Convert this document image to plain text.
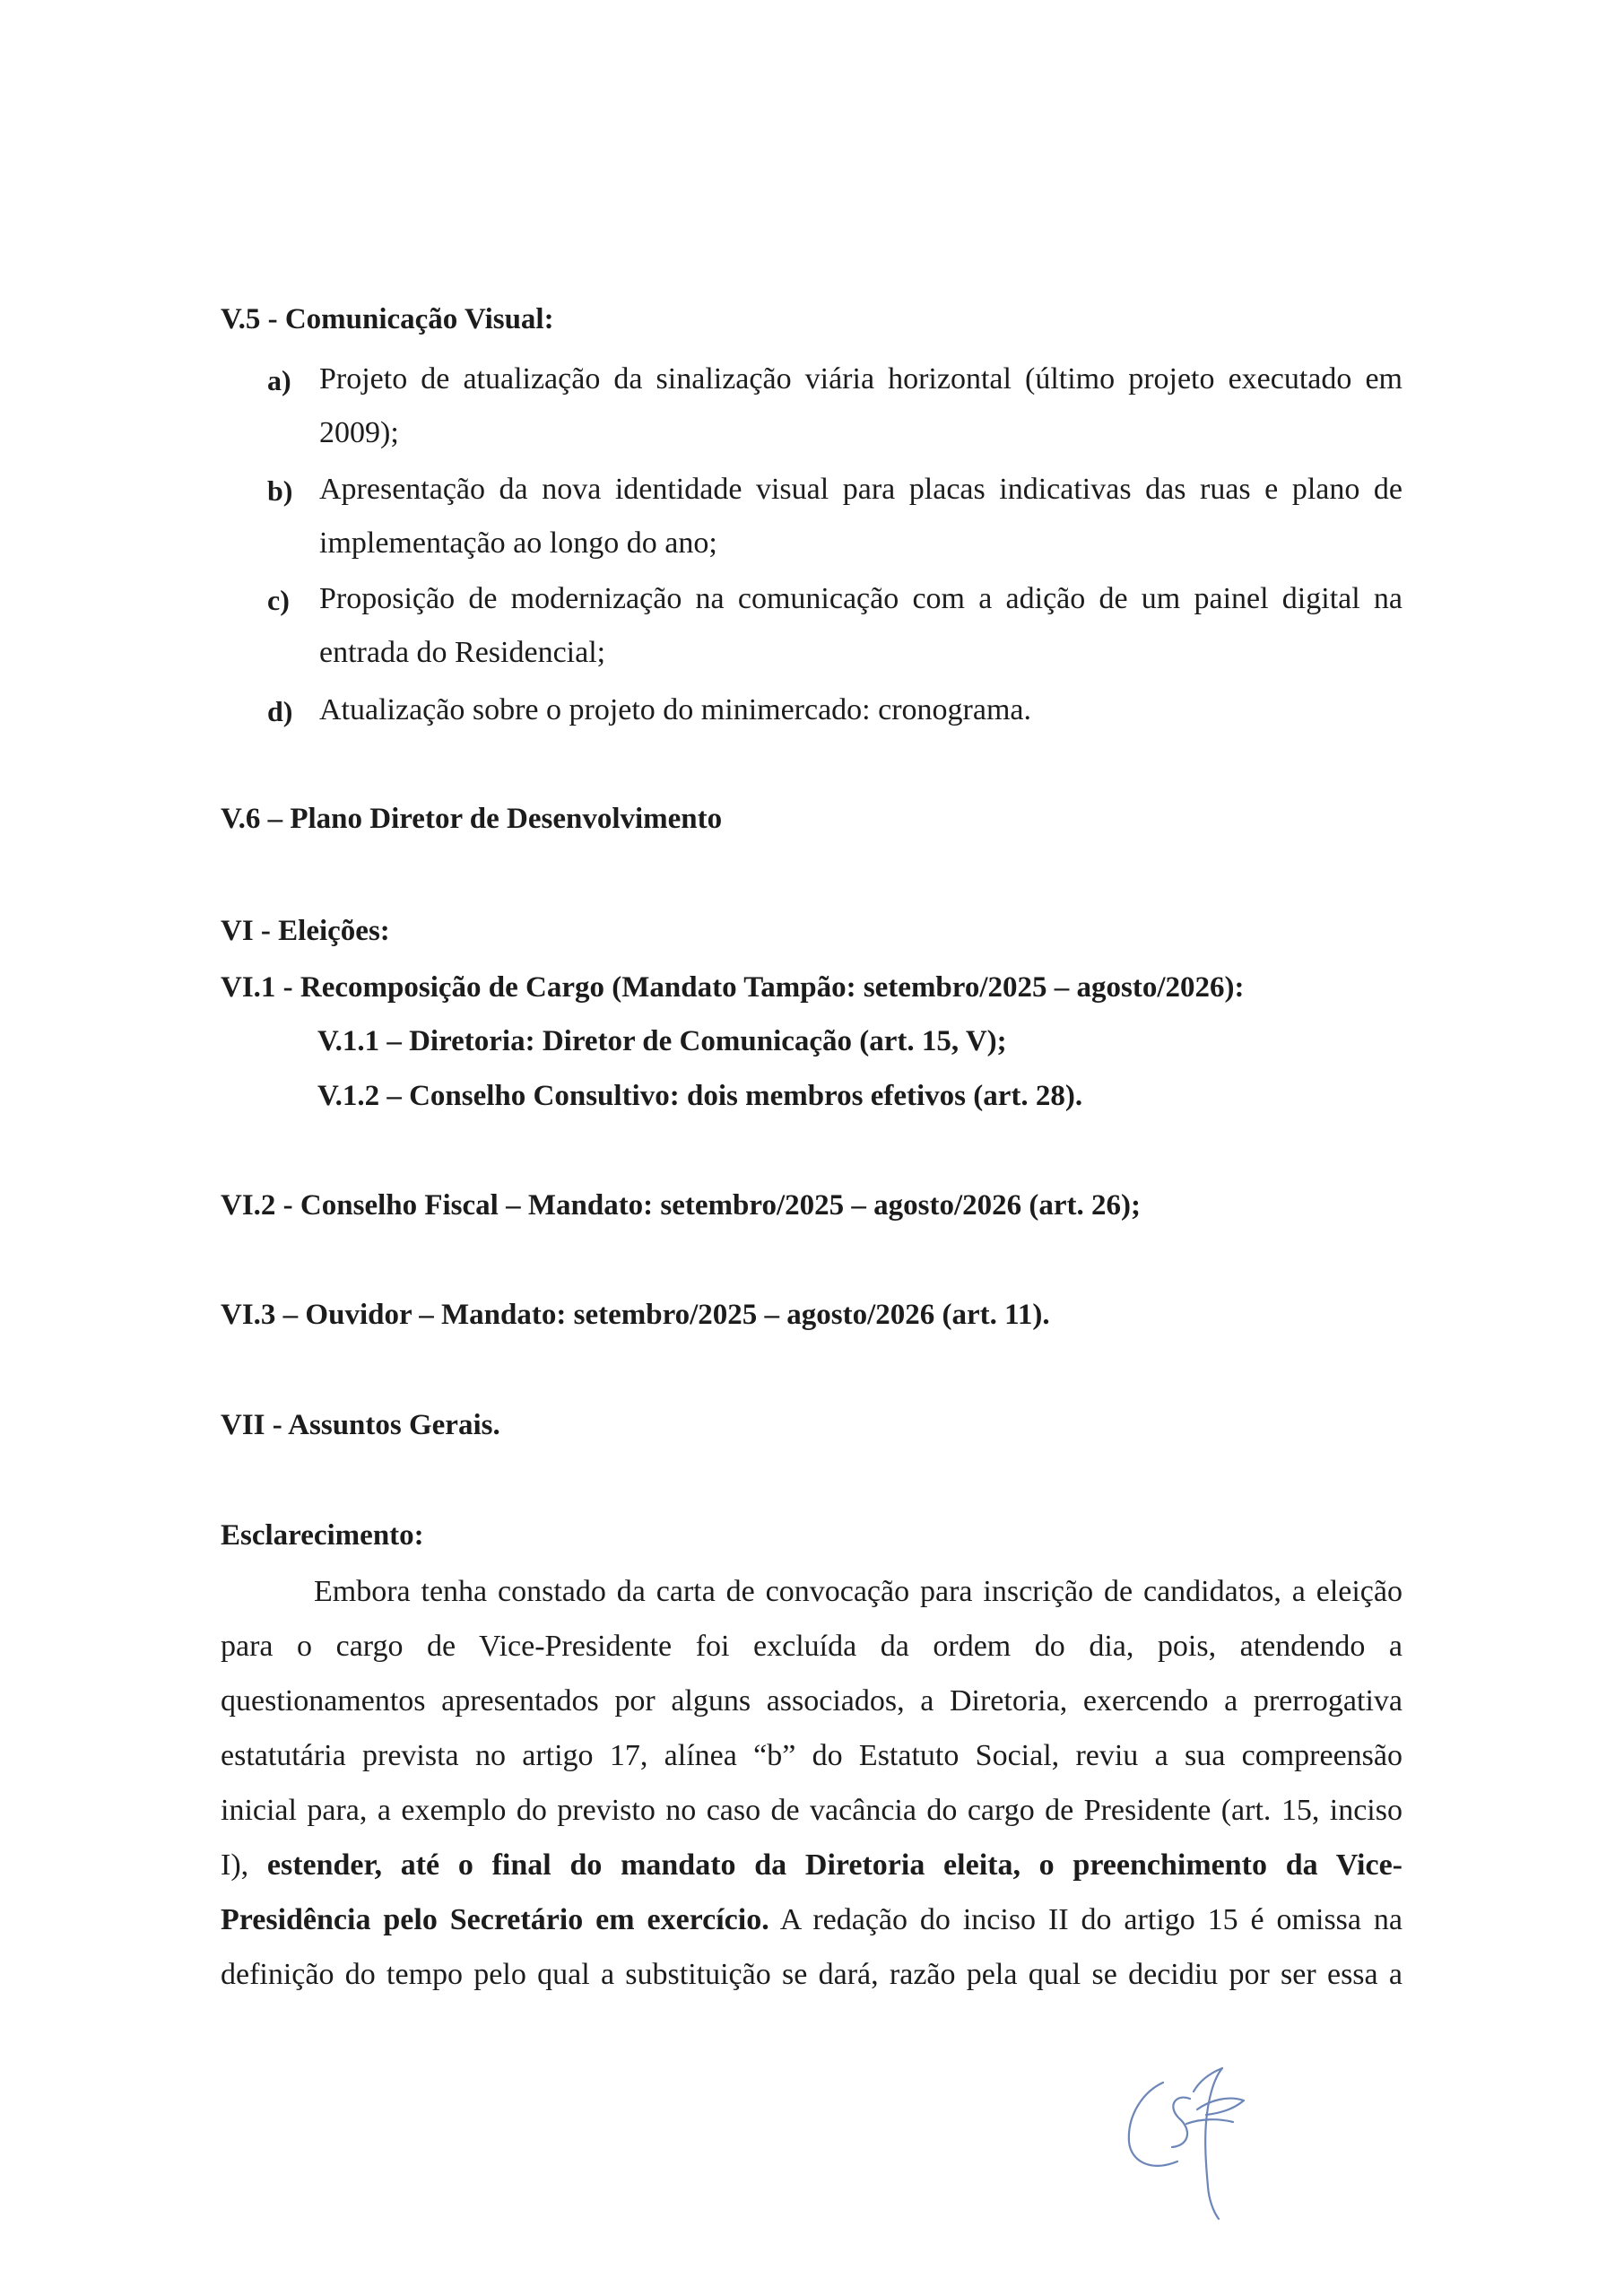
V.5 - Comunicação Visual:
a) Projeto de atualização da sinalização viária horizontal (último projeto executado em
2009);
b) Apresentação da nova identidade visual para placas indicativas das ruas e plano de
implementação ao longo do ano;
c) Proposição de modernização na comunicação com a adição de um painel digital na
entrada do Residencial;
d) Atualização sobre o projeto do minimercado: cronograma.
V.6 – Plano Diretor de Desenvolvimento
VI - Eleições:
VI.1 - Recomposição de Cargo (Mandato Tampão: setembro/2025 – agosto/2026):
V.1.1 – Diretoria: Diretor de Comunicação (art. 15, V);
V.1.2 – Conselho Consultivo: dois membros efetivos (art. 28).
VI.2 - Conselho Fiscal – Mandato: setembro/2025 – agosto/2026 (art. 26);
VI.3 – Ouvidor – Mandato: setembro/2025 – agosto/2026 (art. 11).
VII - Assuntos Gerais.
Esclarecimento:
Embora tenha constado da carta de convocação para inscrição de candidatos, a eleição
para o cargo de Vice-Presidente foi excluída da ordem do dia, pois, atendendo a
questionamentos apresentados por alguns associados, a Diretoria, exercendo a prerrogativa
estatutária prevista no artigo 17, alínea “b” do Estatuto Social, reviu a sua compreensão
inicial para, a exemplo do previsto no caso de vacância do cargo de Presidente (art. 15, inciso
I), estender, até o final do mandato da Diretoria eleita, o preenchimento da Vice-
Presidência pelo Secretário em exercício. A redação do inciso II do artigo 15 é omissa na
definição do tempo pelo qual a substituição se dará, razão pela qual se decidiu por ser essa a
